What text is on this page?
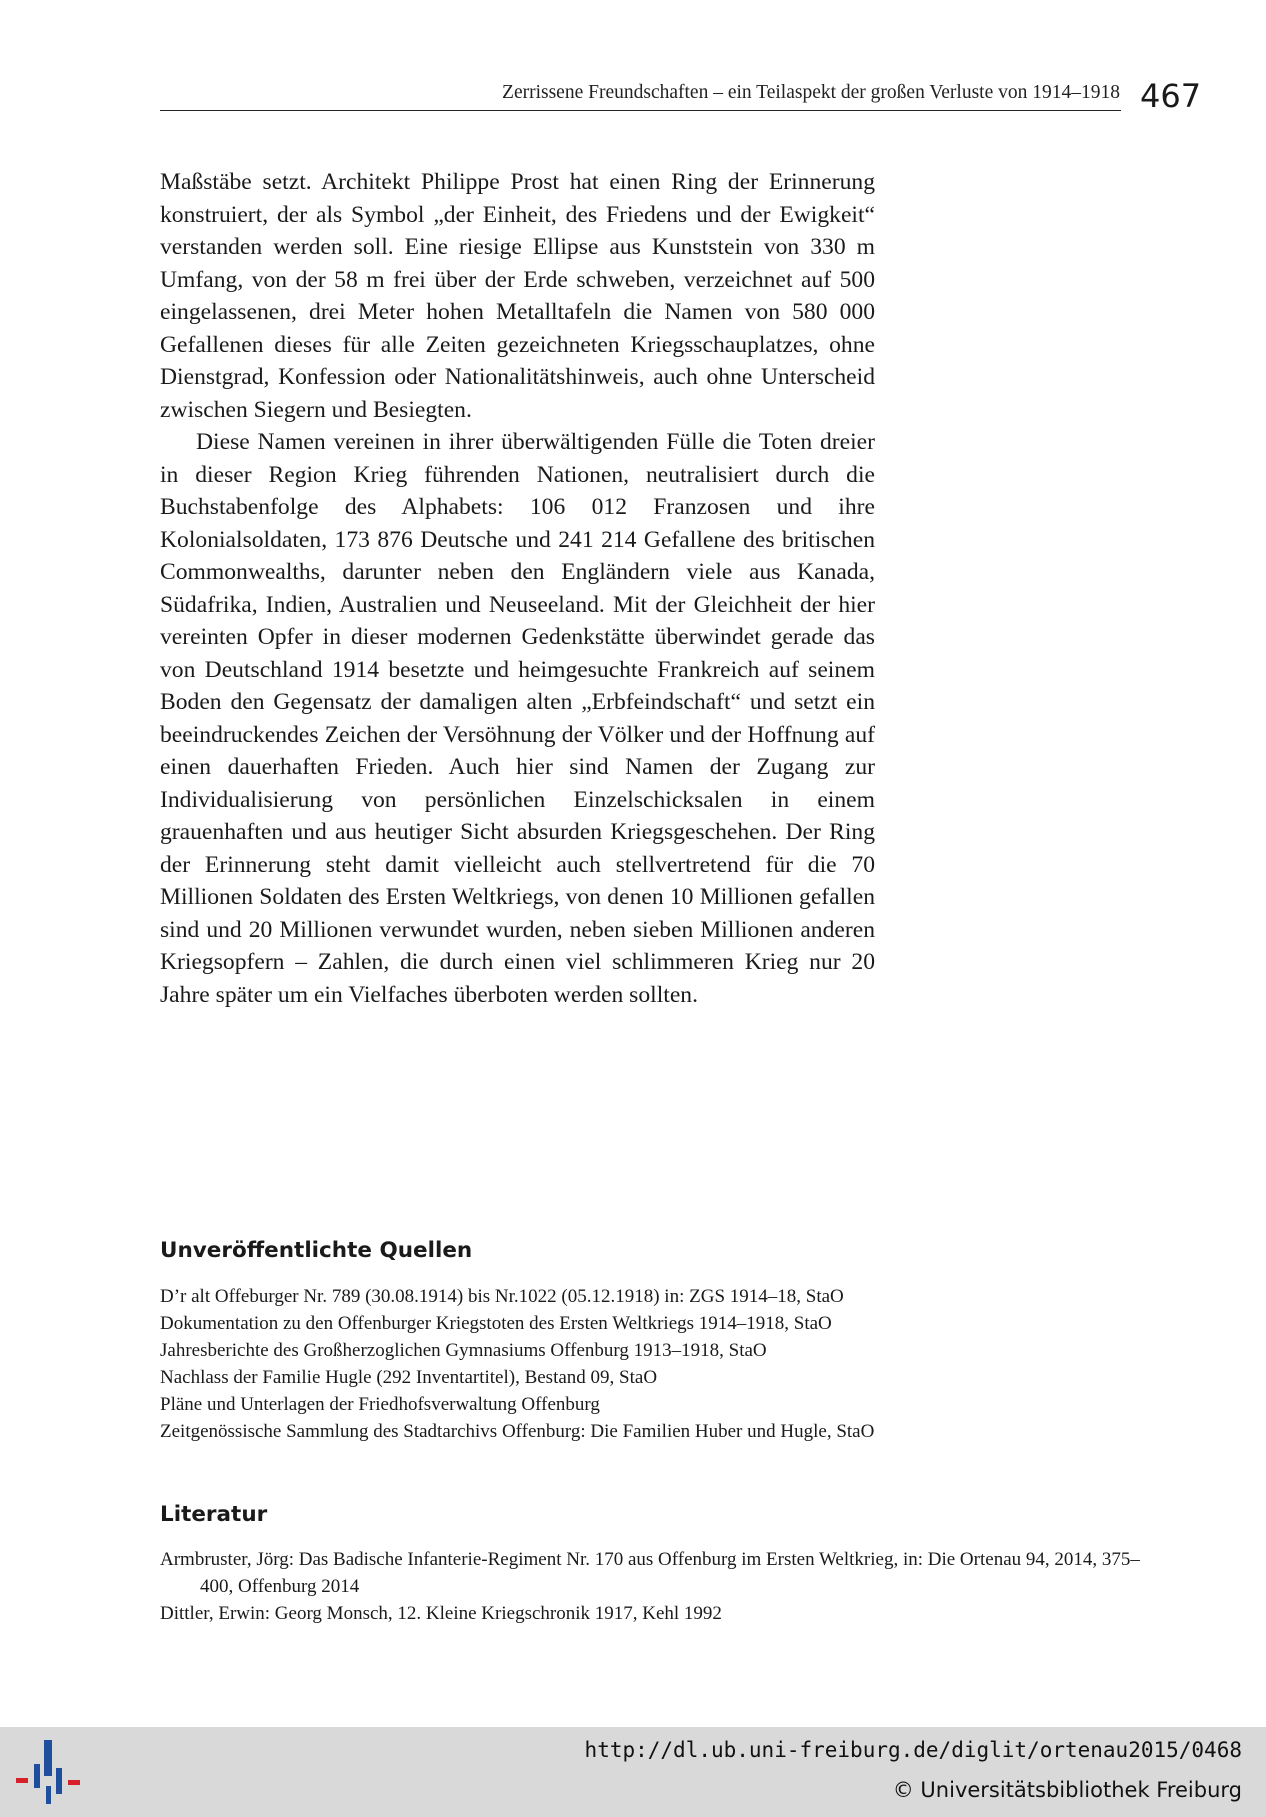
Zerrissene Freundschaften – ein Teilaspekt der großen Verluste von 1914–1918 467

Maßstäbe setzt. Architekt Philippe Prost hat einen Ring der Erinnerung konstruiert, der als Symbol „der Einheit, des Friedens und der Ewigkeit“ verstanden werden soll. Eine riesige Ellipse aus Kunststein von 330 m Umfang, von der 58 m frei über der Erde schweben, verzeichnet auf 500 eingelassenen, drei Meter hohen Metalltafeln die Namen von 580 000 Gefallenen dieses für alle Zeiten gezeichneten Kriegsschauplatzes, ohne Dienstgrad, Konfession oder Nationalitätshinweis, auch ohne Unterscheid zwischen Siegern und Besiegten.

Diese Namen vereinen in ihrer überwältigenden Fülle die Toten dreier in dieser Region Krieg führenden Nationen, neutralisiert durch die Buchstabenfolge des Alphabets: 106 012 Franzosen und ihre Kolonialsoldaten, 173 876 Deutsche und 241 214 Gefallene des britischen Commonwealths, darunter neben den Engländern viele aus Kanada, Südafrika, Indien, Australien und Neuseeland. Mit der Gleichheit der hier vereinten Opfer in dieser modernen Gedenkstätte überwindet gerade das von Deutschland 1914 besetzte und heimgesuchte Frankreich auf seinem Boden den Gegensatz der damaligen alten „Erbfeindschaft“ und setzt ein beeindruckendes Zeichen der Versöhnung der Völker und der Hoffnung auf einen dauerhaften Frieden. Auch hier sind Namen der Zugang zur Individualisierung von persönlichen Einzelschicksalen in einem grauenhaften und aus heutiger Sicht absurden Kriegsgeschehen. Der Ring der Erinnerung steht damit vielleicht auch stellvertretend für die 70 Millionen Soldaten des Ersten Weltkriegs, von denen 10 Millionen gefallen sind und 20 Millionen verwundet wurden, neben sieben Millionen anderen Kriegsopfern – Zahlen, die durch einen viel schlimmeren Krieg nur 20 Jahre später um ein Vielfaches überboten werden sollten.

Unveröffentlichte Quellen
D’r alt Offeburger Nr. 789 (30.08.1914) bis Nr.1022 (05.12.1918) in: ZGS 1914–18, StaO
Dokumentation zu den Offenburger Kriegstoten des Ersten Weltkriegs 1914–1918, StaO
Jahresberichte des Großherzoglichen Gymnasiums Offenburg 1913–1918, StaO
Nachlass der Familie Hugle (292 Inventartitel), Bestand 09, StaO
Pläne und Unterlagen der Friedhofsverwaltung Offenburg
Zeitgenössische Sammlung des Stadtarchivs Offenburg: Die Familien Huber und Hugle, StaO
Literatur
Armbruster, Jörg: Das Badische Infanterie-Regiment Nr. 170 aus Offenburg im Ersten Weltkrieg, in: Die Ortenau 94, 2014, 375–400, Offenburg 2014
Dittler, Erwin: Georg Monsch, 12. Kleine Kriegschronik 1917, Kehl 1992
http://dl.ub.uni-freiburg.de/diglit/ortenau2015/0468
© Universitätsbibliothek Freiburg
